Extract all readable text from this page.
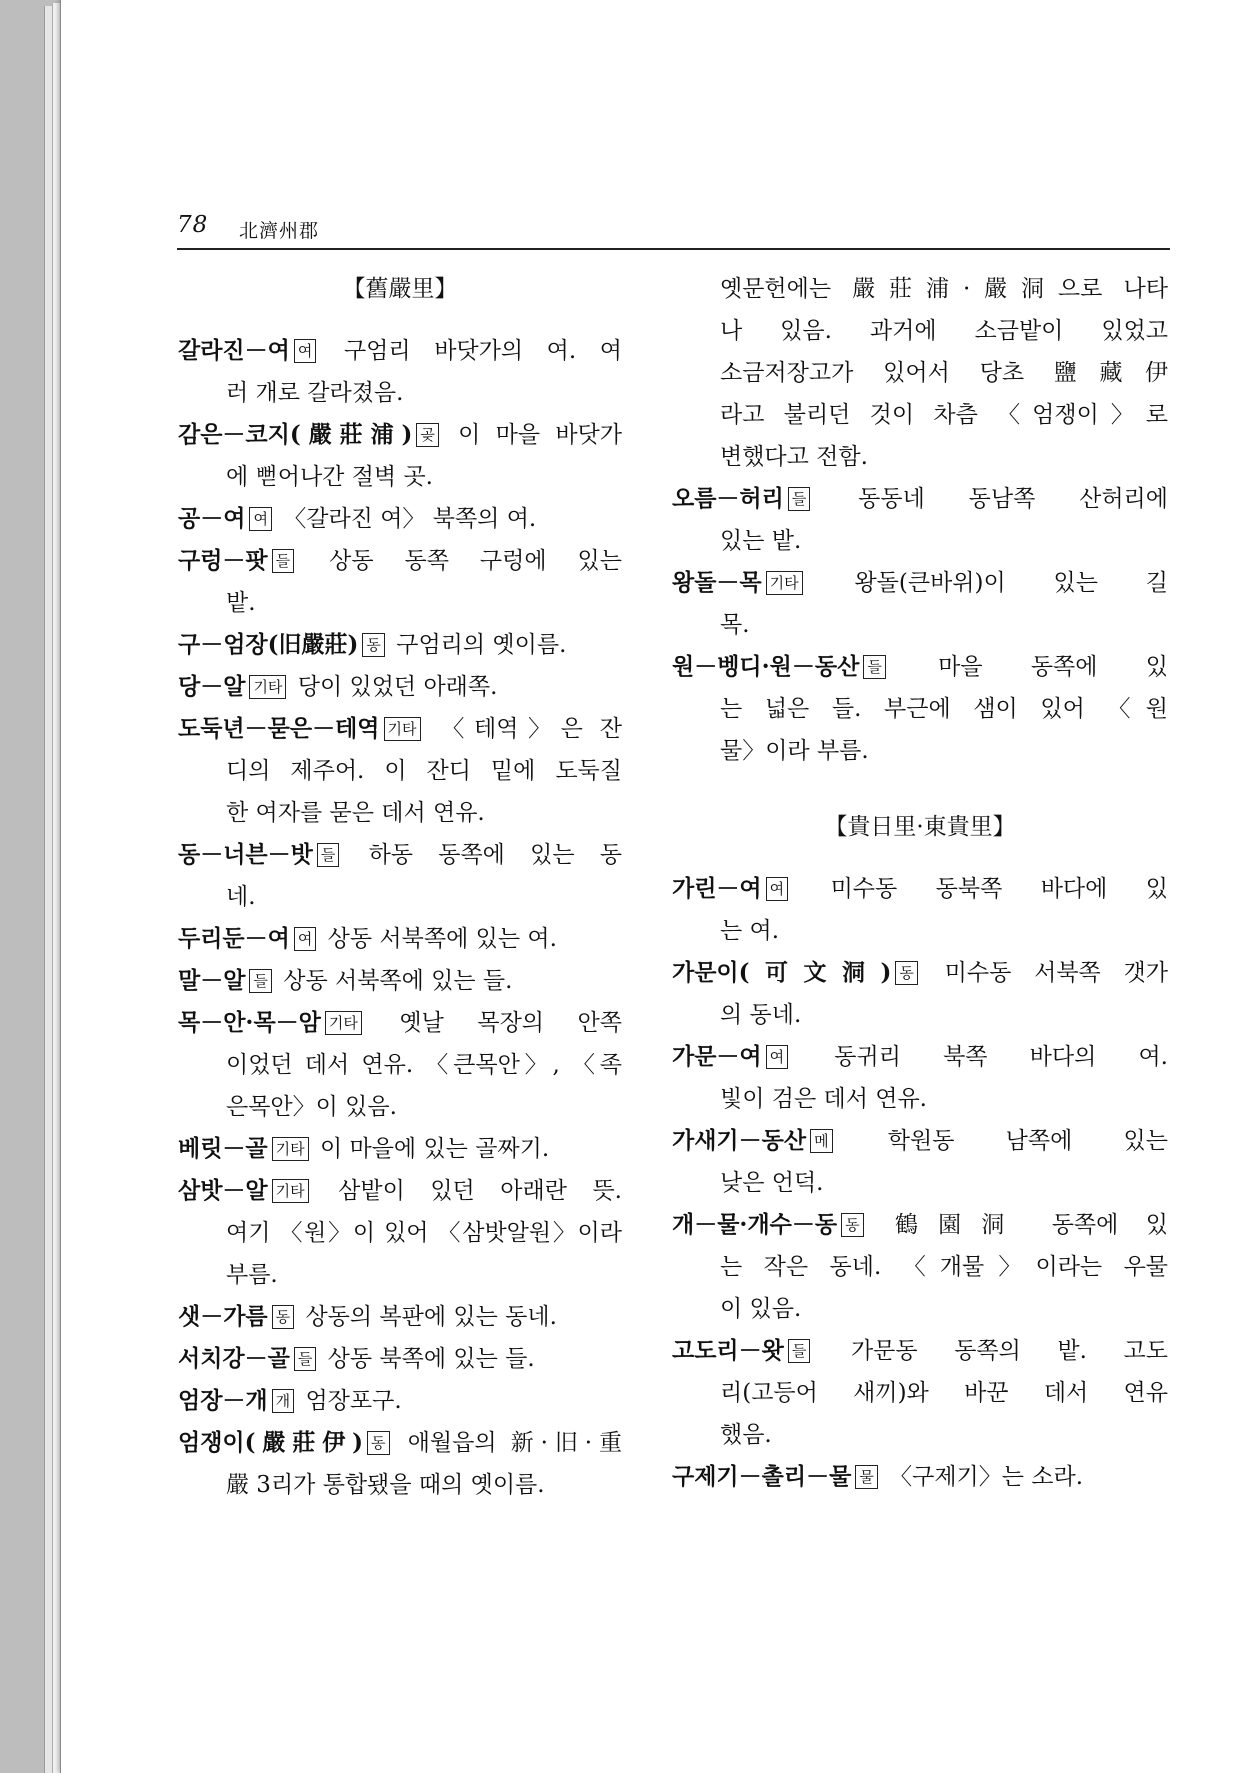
78 北濟州郡
【舊嚴里】
갈라진－여 여 구엄리 바닷가의 여. 여
러 개로 갈라졌음.
감은－코지(嚴莊浦) 곶 이 마을 바닷가
에 뻗어나간 절벽 곳.
공－여 여 〈갈라진 여〉 북쪽의 여.
구렁－팟 들 상동 동쪽 구렁에 있는
밭.
구－엄장(旧嚴莊) 동 구엄리의 옛이름.
당－알 기타 당이 있었던 아래쪽.
도둑년－묻은－테역 기타 〈테역〉은 잔
디의 제주어. 이 잔디 밑에 도둑질
한 여자를 묻은 데서 연유.
동－너븐－밧 들 하동 동쪽에 있는 동
네.
두리둔－여 여 상동 서북쪽에 있는 여.
말－알 들 상동 서북쪽에 있는 들.
목－안·목－암 기타 옛날 목장의 안쪽
이었던 데서 연유. 〈큰목안〉, 〈족
은목안〉이 있음.
베릿－골 기타 이 마을에 있는 골짜기.
삼밧－알 기타 삼밭이 있던 아래란 뜻.
여기 〈원〉이 있어 〈삼밧알원〉이라
부름.
샛－가름 동 상동의 복판에 있는 동네.
서치강－골 들 상동 북쪽에 있는 들.
엄장－개 개 엄장포구.
엄쟁이(嚴莊伊) 동 애월읍의 新·旧·重
嚴 3리가 통합됐을 때의 옛이름.
옛문헌에는 嚴莊浦·嚴洞으로 나타
나 있음. 과거에 소금밭이 있었고
소금저장고가 있어서 당초 鹽藏伊
라고 불리던 것이 차츰 〈엄쟁이〉로
변했다고 전함.
오름－허리 들 동동네 동남쪽 산허리에
있는 밭.
왕돌－목 기타 왕돌(큰바위)이 있는 길
목.
원－벵디·원－동산 들 마을 동쪽에 있
는 넓은 들. 부근에 샘이 있어 〈원
물〉이라 부름.
【貴日里·東貴里】
가린－여 여 미수동 동북쪽 바다에 있
는 여.
가문이(可文洞) 동 미수동 서북쪽 갯가
의 동네.
가문－여 여 동귀리 북쪽 바다의 여.
빛이 검은 데서 연유.
가새기－동산 메 학원동 남쪽에 있는
낮은 언덕.
개－물·개수－동 동 鶴園洞 동쪽에 있
는 작은 동네. 〈개물〉이라는 우물
이 있음.
고도리－왓 들 가문동 동쪽의 밭. 고도
리(고등어 새끼)와 바꾼 데서 연유
했음.
구제기－촐리－물 물 〈구제기〉는 소라.
